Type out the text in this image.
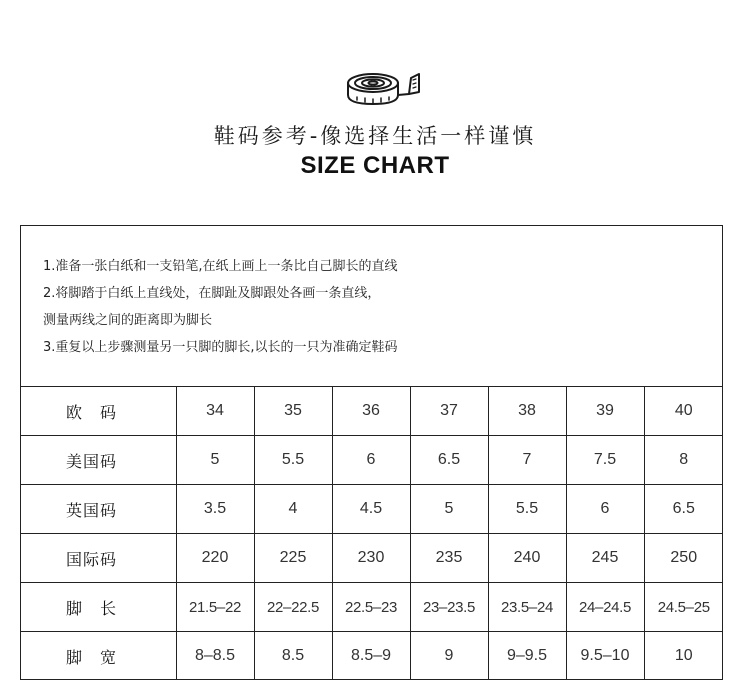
鞋码参考-像选择生活一样谨慎
SIZE CHART
1.准备一张白纸和一支铅笔,在纸上画上一条比自己脚长的直线
2.将脚踏于白纸上直线处，在脚趾及脚跟处各画一条直线，
测量两线之间的距离即为脚长
3.重复以上步骤测量另一只脚的脚长,以长的一只为准确定鞋码
欧　码	34	35	36	37	38	39	40
美国码	5	5.5	6	6.5	7	7.5	8
英国码	3.5	4	4.5	5	5.5	6	6.5
国际码	220	225	230	235	240	245	250
脚　长	21.5–22	22–22.5	22.5–23	23–23.5	23.5–24	24–24.5	24.5–25
脚　宽	8–8.5	8.5	8.5–9	9	9–9.5	9.5–10	10
